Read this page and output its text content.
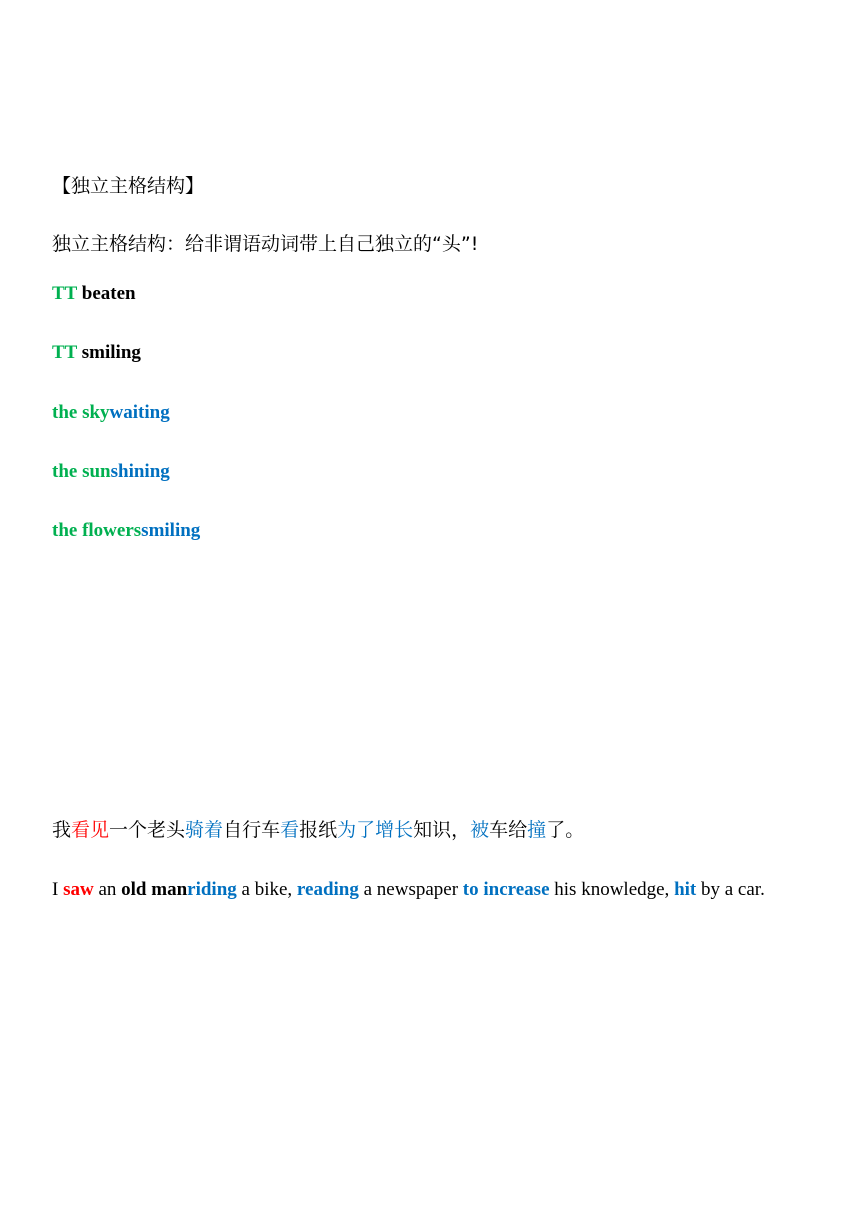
【独立主格结构】
独立主格结构：给非谓语动词带上自己独立的“头”!
TT beaten
TT smiling
the skywaiting
the sunshining
the flowerssmiling
我看见一个老头骑着自行车看报纸为了增长知识，被车给撞了。
I saw an old manriding a bike, reading a newspaper to increase his knowledge, hit by a car.
